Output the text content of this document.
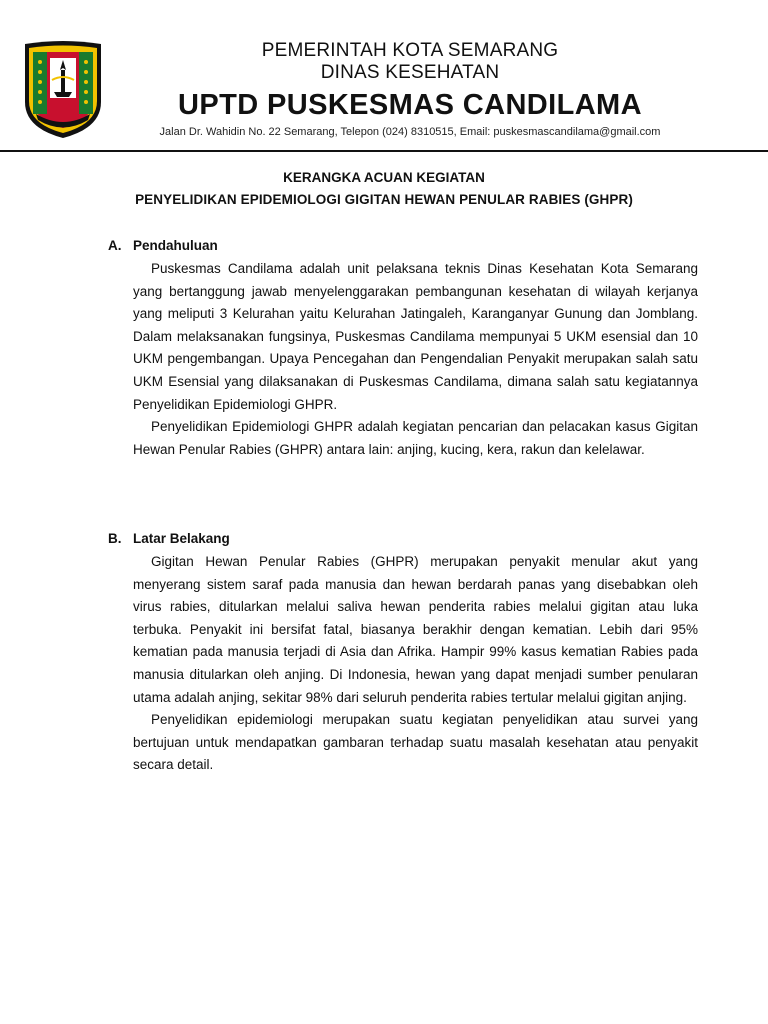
PEMERINTAH KOTA SEMARANG
DINAS KESEHATAN
UPTD PUSKESMAS CANDILAMA
Jalan Dr. Wahidin No. 22 Semarang, Telepon (024) 8310515, Email: puskesmascandilama@gmail.com
KERANGKA ACUAN KEGIATAN
PENYELIDIKAN EPIDEMIOLOGI GIGITAN HEWAN PENULAR RABIES (GHPR)
A. Pendahuluan

Puskesmas Candilama adalah unit pelaksana teknis Dinas Kesehatan Kota Semarang yang bertanggung jawab menyelenggarakan pembangunan kesehatan di wilayah kerjanya yang meliputi 3 Kelurahan yaitu Kelurahan Jatingaleh, Karanganyar Gunung dan Jomblang. Dalam melaksanakan fungsinya, Puskesmas Candilama mempunyai 5 UKM esensial dan 10 UKM pengembangan. Upaya Pencegahan dan Pengendalian Penyakit merupakan salah satu UKM Esensial yang dilaksanakan di Puskesmas Candilama, dimana salah satu kegiatannya Penyelidikan Epidemiologi GHPR.

Penyelidikan Epidemiologi GHPR adalah kegiatan pencarian dan pelacakan kasus Gigitan Hewan Penular Rabies (GHPR) antara lain: anjing, kucing, kera, rakun dan kelelawar.

B. Latar Belakang

Gigitan Hewan Penular Rabies (GHPR) merupakan penyakit menular akut yang menyerang sistem saraf pada manusia dan hewan berdarah panas yang disebabkan oleh virus rabies, ditularkan melalui saliva hewan penderita rabies melalui gigitan atau luka terbuka. Penyakit ini bersifat fatal, biasanya berakhir dengan kematian. Lebih dari 95% kematian pada manusia terjadi di Asia dan Afrika. Hampir 99% kasus kematian Rabies pada manusia ditularkan oleh anjing. Di Indonesia, hewan yang dapat menjadi sumber penularan utama adalah anjing, sekitar 98% dari seluruh penderita rabies tertular melalui gigitan anjing.

Penyelidikan epidemiologi merupakan suatu kegiatan penyelidikan atau survei yang bertujuan untuk mendapatkan gambaran terhadap suatu masalah kesehatan atau penyakit secara detail.
